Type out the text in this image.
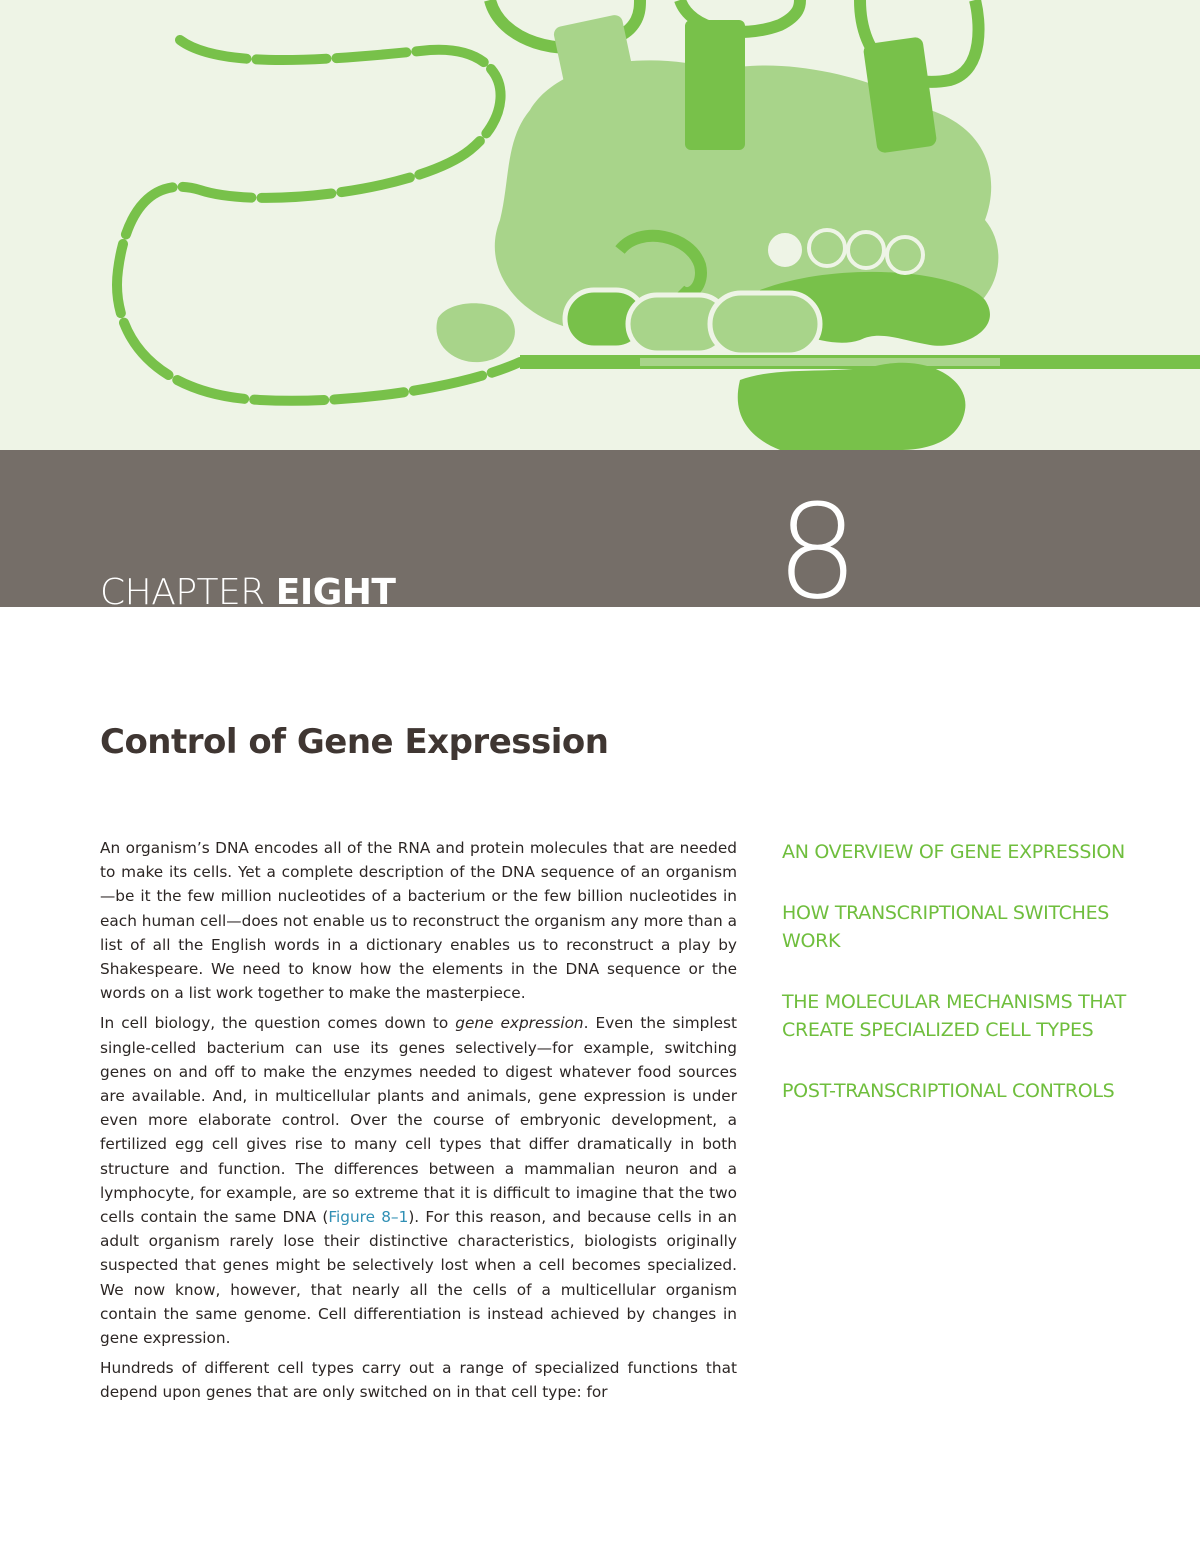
CHAPTER EIGHT	8
Control of Gene Expression

An organism’s DNA encodes all of the RNA and protein molecules that are needed to make its cells. Yet a complete description of the DNA sequence of an organism—be it the few million nucleotides of a bacterium or the few billion nucleotides in each human cell—does not enable us to reconstruct the organism any more than a list of all the English words in a dictionary enables us to reconstruct a play by Shakespeare. We need to know how the elements in the DNA sequence or the words on a list work together to make the masterpiece.

In cell biology, the question comes down to gene expression. Even the simplest single-celled bacterium can use its genes selectively—for example, switching genes on and off to make the enzymes needed to digest whatever food sources are available. And, in multicellular plants and animals, gene expression is under even more elaborate control. Over the course of embryonic development, a fertilized egg cell gives rise to many cell types that differ dramatically in both structure and function. The differences between a mammalian neuron and a lymphocyte, for example, are so extreme that it is difficult to imagine that the two cells contain the same DNA (Figure 8–1). For this reason, and because cells in an adult organism rarely lose their distinctive characteristics, biologists originally suspected that genes might be selectively lost when a cell becomes specialized. We now know, however, that nearly all the cells of a multicellular organism contain the same genome. Cell differentiation is instead achieved by changes in gene expression.

Hundreds of different cell types carry out a range of specialized functions that depend upon genes that are only switched on in that cell type: for

AN OVERVIEW OF GENE EXPRESSION
HOW TRANSCRIPTIONAL SWITCHES WORK
THE MOLECULAR MECHANISMS THAT CREATE SPECIALIZED CELL TYPES
POST-TRANSCRIPTIONAL CONTROLS
